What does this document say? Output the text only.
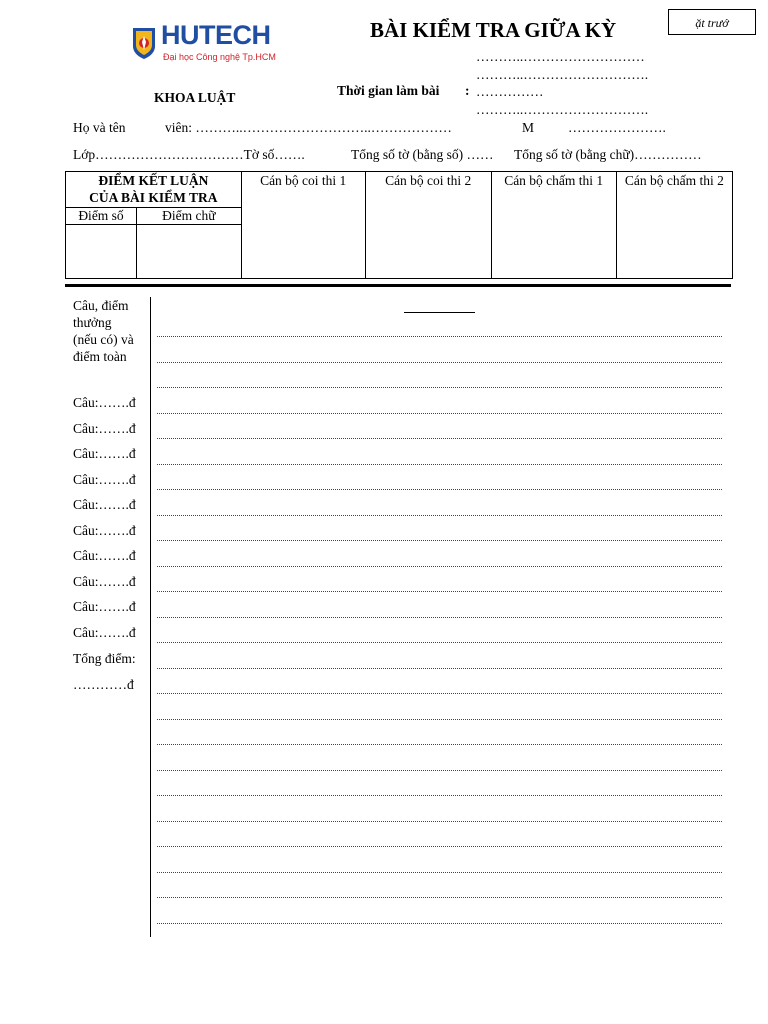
HUTECH
Đại học Công nghệ Tp.HCM
BÀI KIỂM TRA GIỮA KỲ	ặt trướ
………..………………………
………..……………………….
KHOA LUẬT	Thời gian làm bài : ……………
………..……………………….
Họ và tên	viên: ………..………………………..………………	M	………………….
Lớp……………………………Tờ số…….	Tổng số tờ (bằng số) …… Tổng số tờ (bằng chữ)……………
ĐIỂM KẾT LUẬN
CỦA BÀI KIỂM TRA		Cán bộ coi thi 1	Cán bộ coi thi 2	Cán bộ chấm thi 1	Cán bộ chấm thi 2
Điểm số	Điểm chữ				

Câu, điểm
thưởng
(nếu có) và
điểm toàn
Câu:…….đ
Câu:…….đ
Câu:…….đ
Câu:…….đ
Câu:…….đ
Câu:…….đ
Câu:…….đ
Câu:…….đ
Câu:…….đ
Câu:…….đ
Tổng điểm:
…………đ
